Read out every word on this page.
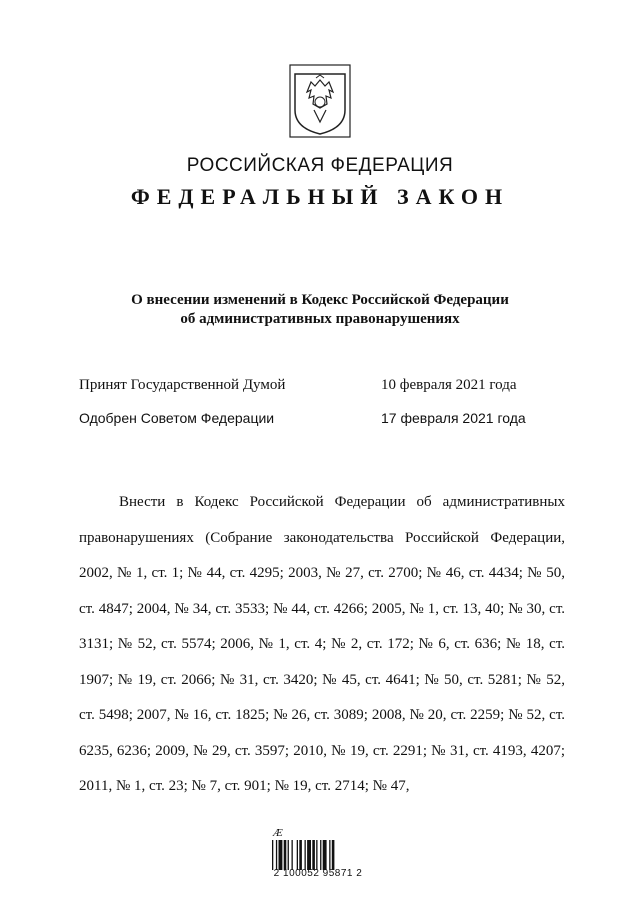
РОССИЙСКАЯ ФЕДЕРАЦИЯ
ФЕДЕРАЛЬНЫЙ ЗАКОН
О внесении изменений в Кодекс Российской Федерации
об административных правонарушениях
Принят Государственной Думой	10 февраля 2021 года
Одобрен Советом Федерации	17 февраля 2021 года

Внести в Кодекс Российской Федерации об административных правонарушениях (Собрание законодательства Российской Федерации, 2002, № 1, ст. 1; № 44, ст. 4295; 2003, № 27, ст. 2700; № 46, ст. 4434; № 50, ст. 4847; 2004, № 34, ст. 3533; № 44, ст. 4266; 2005, № 1, ст. 13, 40; № 30, ст. 3131; № 52, ст. 5574; 2006, № 1, ст. 4; № 2, ст. 172; № 6, ст. 636; № 18, ст. 1907; № 19, ст. 2066; № 31, ст. 3420; № 45, ст. 4641; № 50, ст. 5281; № 52, ст. 5498; 2007, № 16, ст. 1825; № 26, ст. 3089; 2008, № 20, ст. 2259; № 52, ст. 6235, 6236; 2009, № 29, ст. 3597; 2010, № 19, ст. 2291; № 31, ст. 4193, 4207; 2011, № 1, ст. 23; № 7, ст. 901; № 19, ст. 2714; № 47,

Æ
2 100052 95871 2
